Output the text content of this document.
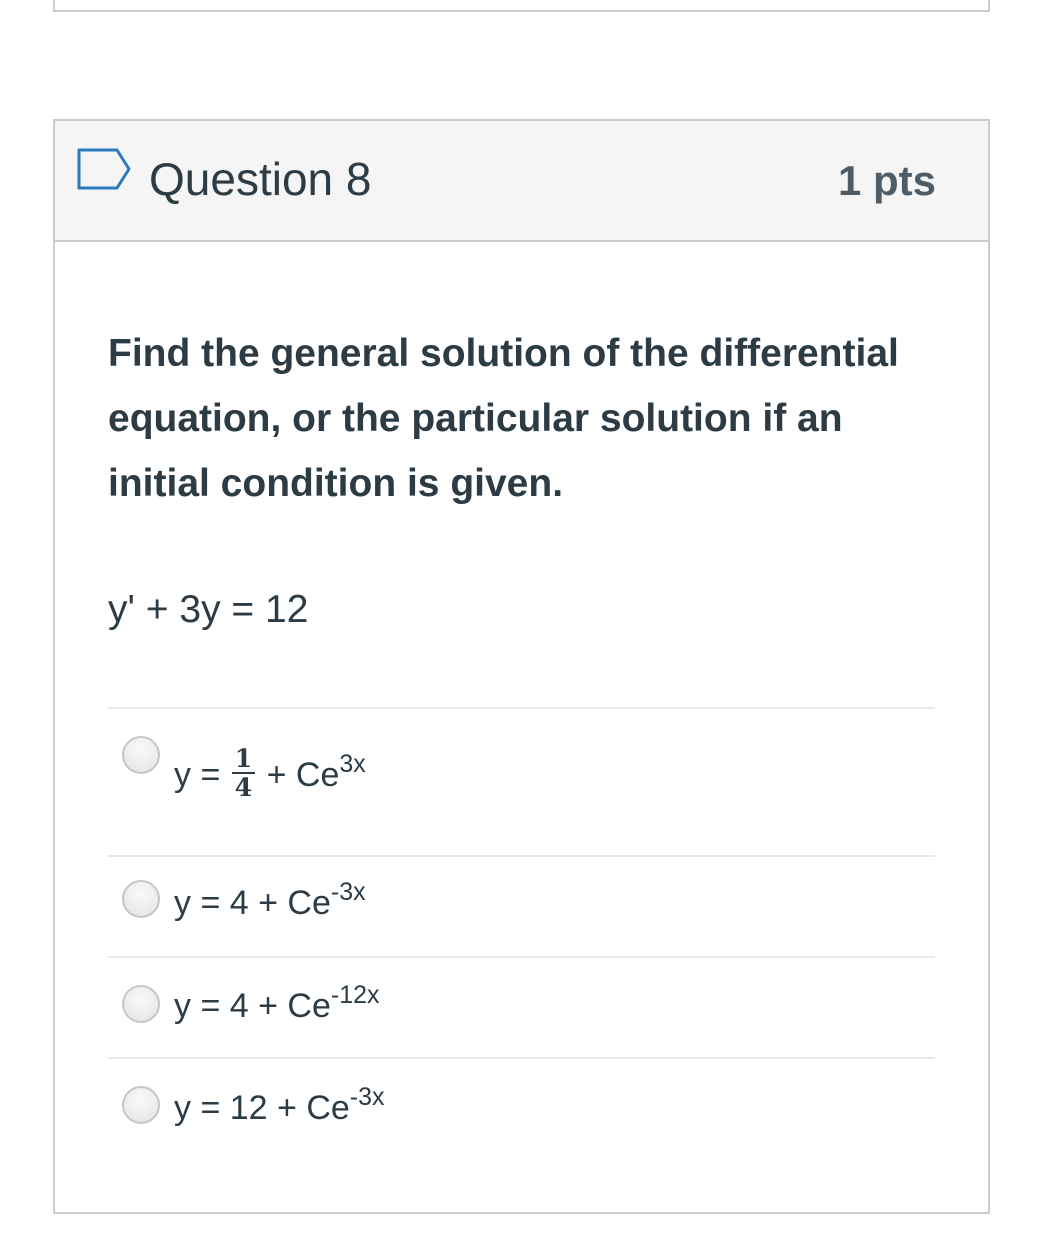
Question 8	1 pts

Find the general solution of the differential equation, or the particular solution if an initial condition is given.

y' + 3y = 12
$y = \frac{1}{4} + Ce^{3x}$
$y = 4 + Ce^{-3x}$
$y = 4 + Ce^{-12x}$
$y = 12 + Ce^{-3x}$
